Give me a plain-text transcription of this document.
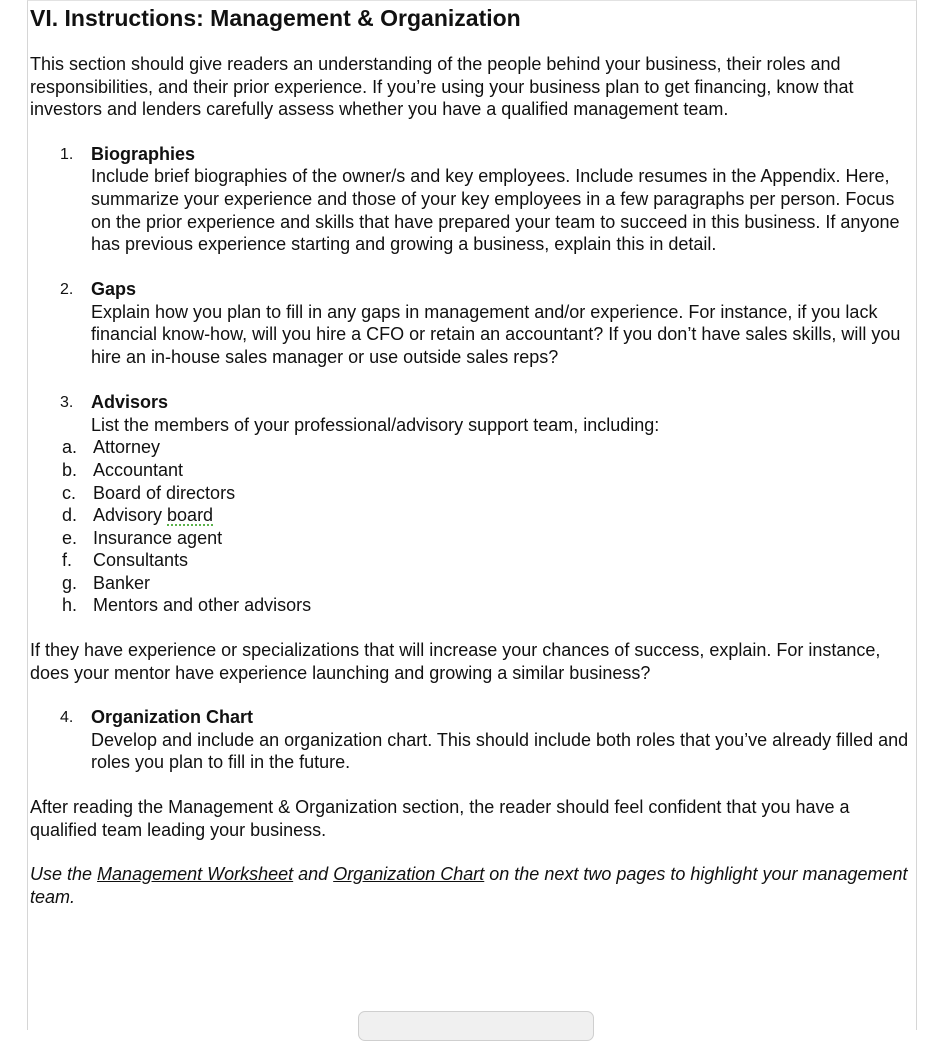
VI. Instructions: Management & Organization

This section should give readers an understanding of the people behind your business, their roles and responsibilities, and their prior experience. If you’re using your business plan to get financing, know that investors and lenders carefully assess whether you have a qualified management team.

1. Biographies
Include brief biographies of the owner/s and key employees. Include resumes in the Appendix. Here, summarize your experience and those of your key employees in a few paragraphs per person. Focus on the prior experience and skills that have prepared your team to succeed in this business. If anyone has previous experience starting and growing a business, explain this in detail.
2. Gaps
Explain how you plan to fill in any gaps in management and/or experience. For instance, if you lack financial know-how, will you hire a CFO or retain an accountant? If you don’t have sales skills, will you hire an in-house sales manager or use outside sales reps?
3. Advisors
List the members of your professional/advisory support team, including:
a. Attorney
b. Accountant
c. Board of directors
d. Advisory board
e. Insurance agent
f. Consultants
g. Banker
h. Mentors and other advisors

If they have experience or specializations that will increase your chances of success, explain. For instance, does your mentor have experience launching and growing a similar business?

4. Organization Chart
Develop and include an organization chart. This should include both roles that you’ve already filled and roles you plan to fill in the future.

After reading the Management & Organization section, the reader should feel confident that you have a qualified team leading your business.

Use the Management Worksheet and Organization Chart on the next two pages to highlight your management team.
